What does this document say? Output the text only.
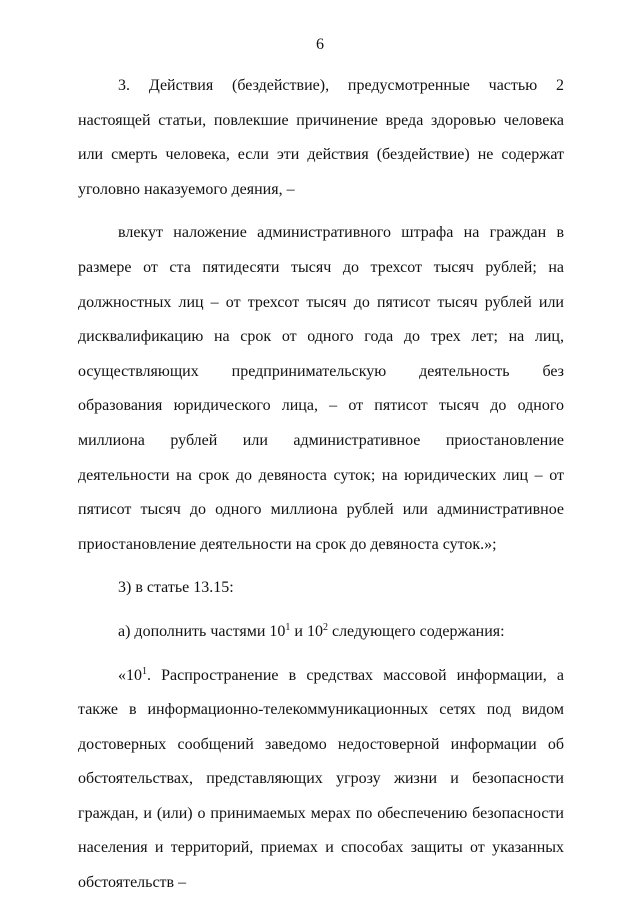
6

3. Действия (бездействие), предусмотренные частью 2 настоящей статьи, повлекшие причинение вреда здоровью человека или смерть человека, если эти действия (бездействие) не содержат уголовно наказуемого деяния, –

влекут наложение административного штрафа на граждан в размере от ста пятидесяти тысяч до трехсот тысяч рублей; на должностных лиц – от трехсот тысяч до пятисот тысяч рублей или дисквалификацию на срок от одного года до трех лет; на лиц, осуществляющих предпринимательскую деятельность без образования юридического лица, – от пятисот тысяч до одного миллиона рублей или административное приостановление деятельности на срок до девяноста суток; на юридических лиц – от пятисот тысяч до одного миллиона рублей или административное приостановление деятельности на срок до девяноста суток.»;

3) в статье 13.15:

а) дополнить частями $10^1$ и $10^2$ следующего содержания:

«$10^1$. Распространение в средствах массовой информации, а также в информационно-телекоммуникационных сетях под видом достоверных сообщений заведомо недостоверной информации об обстоятельствах, представляющих угрозу жизни и безопасности граждан, и (или) о принимаемых мерах по обеспечению безопасности населения и территорий, приемах и способах защиты от указанных обстоятельств –
